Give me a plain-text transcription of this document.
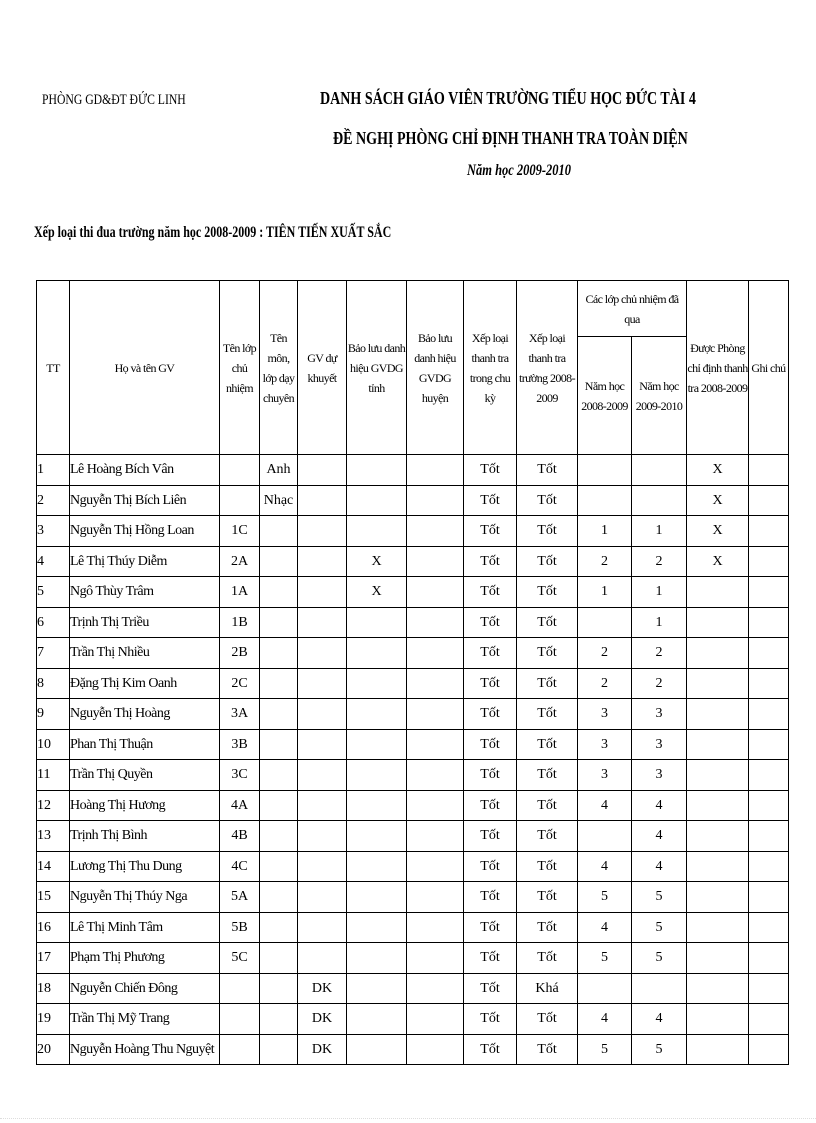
PHÒNG GD&ĐT ĐỨC LINH	DANH SÁCH GIÁO VIÊN TRƯỜNG TIỂU HỌC ĐỨC TÀI 4
ĐỀ NGHỊ PHÒNG CHỈ ĐỊNH THANH TRA TOÀN DIỆN
Năm học 2009-2010
Xếp loại thi đua trường năm học 2008-2009 : TIÊN TIẾN XUẤT SẮC
TT	Họ và tên GV	Tên lớp chủ nhiệm	Tên môn, lớp dạy chuyên	GV dự khuyết	Bảo lưu danh hiệu GVDG tỉnh	Bảo lưu danh hiệu GVDG huyện	Xếp loại thanh tra trong chu kỳ	Xếp loại thanh tra trường 2008-2009	Các lớp chủ nhiệm đã qua		Được Phòng chỉ định thanh tra 2008-2009	Ghi chú
									Năm học 2008-2009	Năm học 2009-2010		
1	Lê Hoàng Bích Vân		Anh				Tốt	Tốt			X	
2	Nguyễn Thị Bích Liên		Nhạc				Tốt	Tốt			X	
3	Nguyễn Thị Hồng Loan	1C					Tốt	Tốt	1	1	X	
4	Lê Thị Thúy Diễm	2A			X		Tốt	Tốt	2	2	X	
5	Ngô Thùy Trâm	1A			X		Tốt	Tốt	1	1		
6	Trịnh Thị Triều	1B					Tốt	Tốt		1		
7	Trần Thị Nhiều	2B					Tốt	Tốt	2	2		
8	Đặng Thị Kim Oanh	2C					Tốt	Tốt	2	2		
9	Nguyễn Thị Hoàng	3A					Tốt	Tốt	3	3		
10	Phan Thị Thuận	3B					Tốt	Tốt	3	3		
11	Trần Thị Quyền	3C					Tốt	Tốt	3	3		
12	Hoàng Thị Hương	4A					Tốt	Tốt	4	4		
13	Trịnh Thị Bình	4B					Tốt	Tốt		4		
14	Lương Thị Thu Dung	4C					Tốt	Tốt	4	4		
15	Nguyễn Thị Thúy Nga	5A					Tốt	Tốt	5	5		
16	Lê Thị Minh Tâm	5B					Tốt	Tốt	4	5		
17	Phạm Thị Phương	5C					Tốt	Tốt	5	5		
18	Nguyễn Chiến Đông			DK			Tốt	Khá				
19	Trần Thị Mỹ Trang			DK			Tốt	Tốt	4	4		
20	Nguyễn Hoàng Thu Nguyệt			DK			Tốt	Tốt	5	5		
